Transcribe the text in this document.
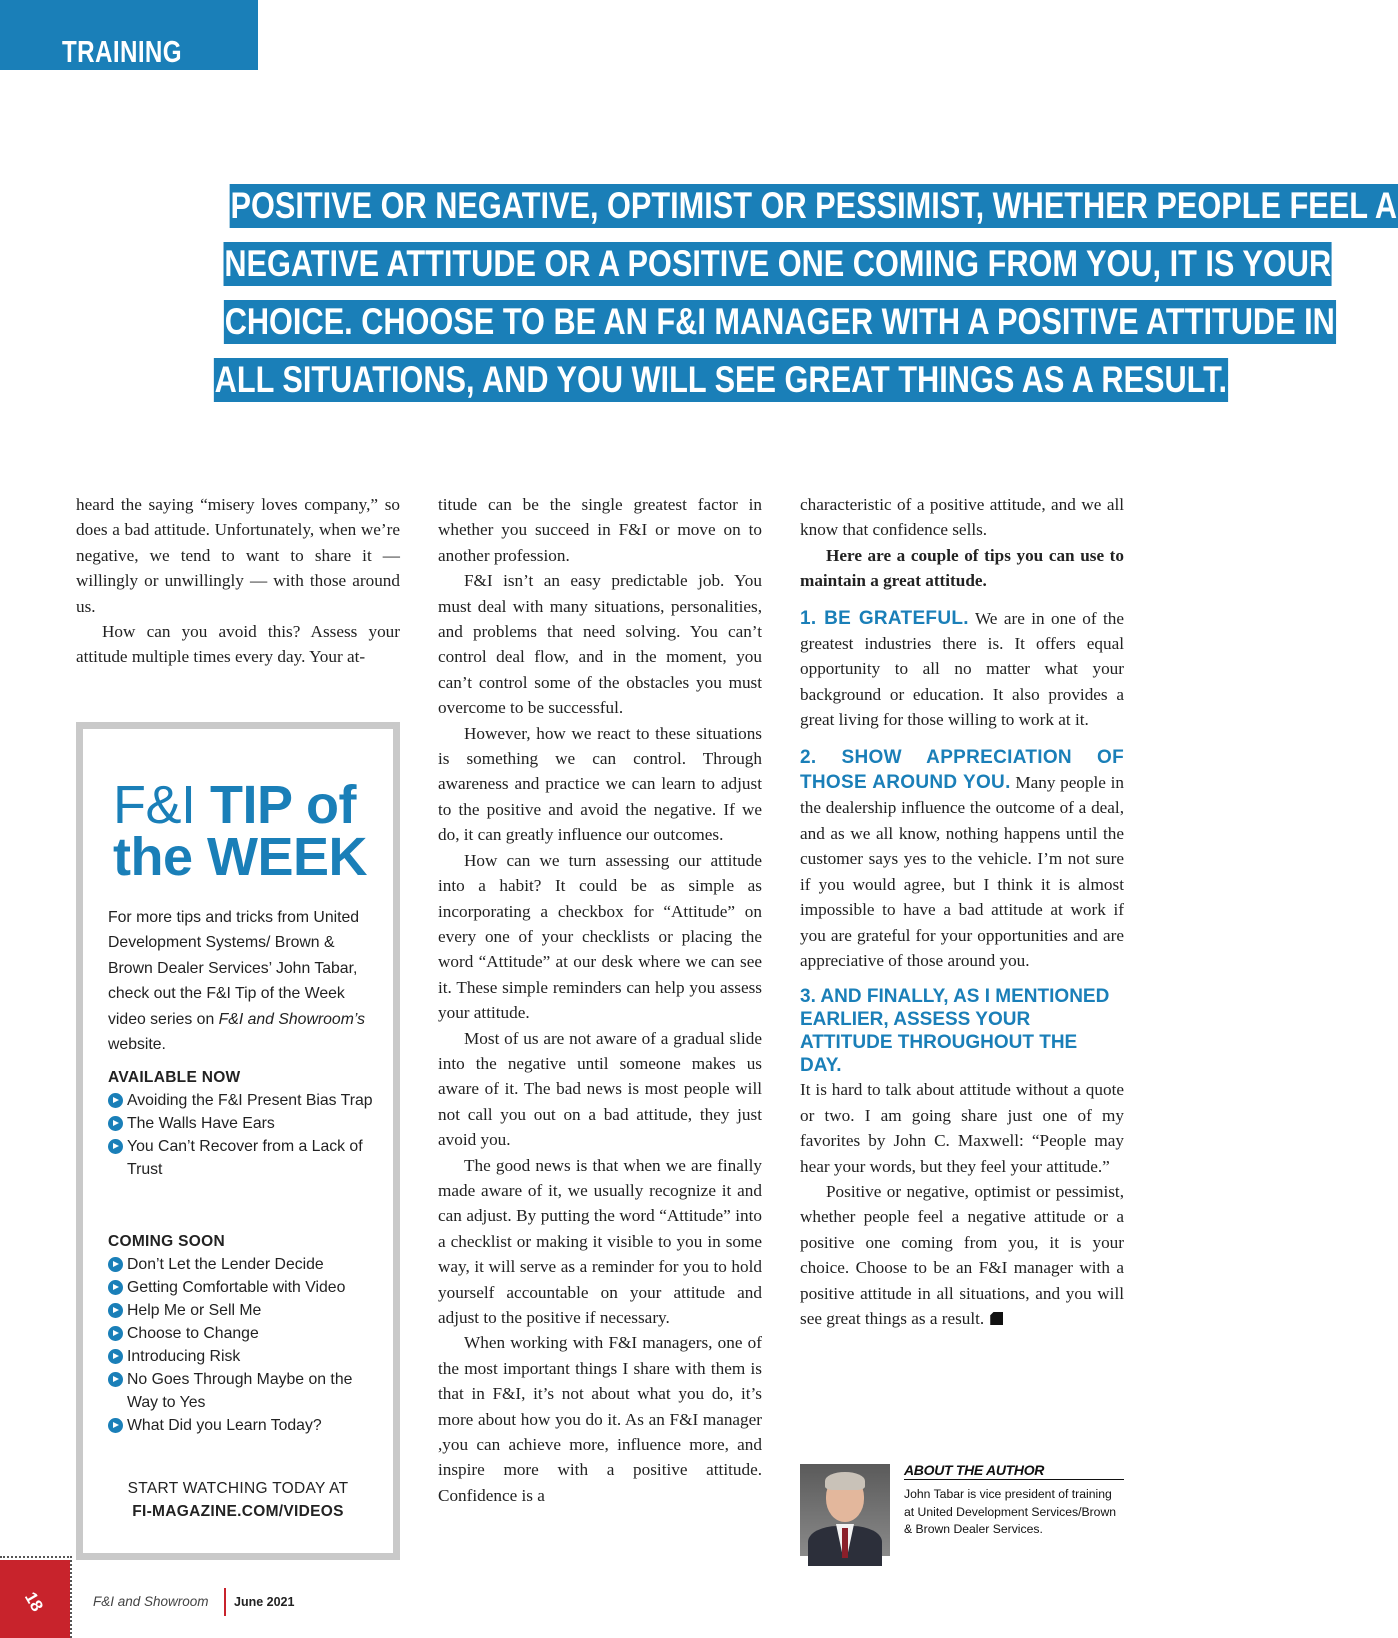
TRAINING
POSITIVE OR NEGATIVE, OPTIMIST OR PESSIMIST, WHETHER PEOPLE FEEL A
NEGATIVE ATTITUDE OR A POSITIVE ONE COMING FROM YOU, IT IS YOUR
CHOICE. CHOOSE TO BE AN F&I MANAGER WITH A POSITIVE ATTITUDE IN
ALL SITUATIONS, AND YOU WILL SEE GREAT THINGS AS A RESULT.

heard the saying “misery loves company,” so does a bad attitude. Unfortunately, when we’re negative, we tend to want to share it — willingly or unwillingly — with those around us.

How can you avoid this? Assess your attitude multiple times every day. Your at-

F&I TIP of
the WEEK
For more tips and tricks from United Development Systems/ Brown & Brown Dealer Services’ John Tabar, check out the F&I Tip of the Week video series on F&I and Showroom’s website.
AVAILABLE NOW
Avoiding the F&I Present Bias Trap
The Walls Have Ears
You Can’t Recover from a Lack of Trust
COMING SOON
Don’t Let the Lender Decide
Getting Comfortable with Video
Help Me or Sell Me
Choose to Change
Introducing Risk
No Goes Through Maybe on the Way to Yes
What Did you Learn Today?
START WATCHING TODAY AT
FI-MAGAZINE.COM/VIDEOS

titude can be the single greatest factor in whether you succeed in F&I or move on to another profession.

F&I isn’t an easy predictable job. You must deal with many situations, personalities, and problems that need solving. You can’t control deal flow, and in the moment, you can’t control some of the obstacles you must overcome to be successful.

However, how we react to these situations is something we can control. Through awareness and practice we can learn to adjust to the positive and avoid the negative. If we do, it can greatly influence our outcomes.

How can we turn assessing our attitude into a habit? It could be as simple as incorporating a checkbox for “Attitude” on every one of your checklists or placing the word “Attitude” at our desk where we can see it. These simple reminders can help you assess your attitude.

Most of us are not aware of a gradual slide into the negative until someone makes us aware of it. The bad news is most people will not call you out on a bad attitude, they just avoid you.

The good news is that when we are finally made aware of it, we usually recognize it and can adjust. By putting the word “Attitude” into a checklist or making it visible to you in some way, it will serve as a reminder for you to hold yourself accountable on your attitude and adjust to the positive if necessary.

When working with F&I managers, one of the most important things I share with them is that in F&I, it’s not about what you do, it’s more about how you do it. As an F&I manager ,you can achieve more, influence more, and inspire more with a positive attitude. Confidence is a

characteristic of a positive attitude, and we all know that confidence sells.

Here are a couple of tips you can use to maintain a great attitude.

1. BE GRATEFUL. We are in one of the greatest industries there is. It offers equal opportunity to all no matter what your background or education. It also provides a great living for those willing to work at it.

2. SHOW APPRECIATION OF THOSE AROUND YOU. Many people in the dealership influence the outcome of a deal, and as we all know, nothing happens until the customer says yes to the vehicle. I’m not sure if you would agree, but I think it is almost impossible to have a bad attitude at work if you are grateful for your opportunities and are appreciative of those around you.

3. AND FINALLY, AS I MENTIONED EARLIER, ASSESS YOUR ATTITUDE THROUGHOUT THE DAY.

It is hard to talk about attitude without a quote or two. I am going share just one of my favorites by John C. Maxwell: “People may hear your words, but they feel your attitude.”

Positive or negative, optimist or pessimist, whether people feel a negative attitude or a positive one coming from you, it is your choice. Choose to be an F&I manager with a positive attitude in all situations, and you will see great things as a result.

ABOUT THE AUTHOR
John Tabar is vice president of training at United Development Services/Brown & Brown Dealer Services.
18	F&I and Showroom June 2021
